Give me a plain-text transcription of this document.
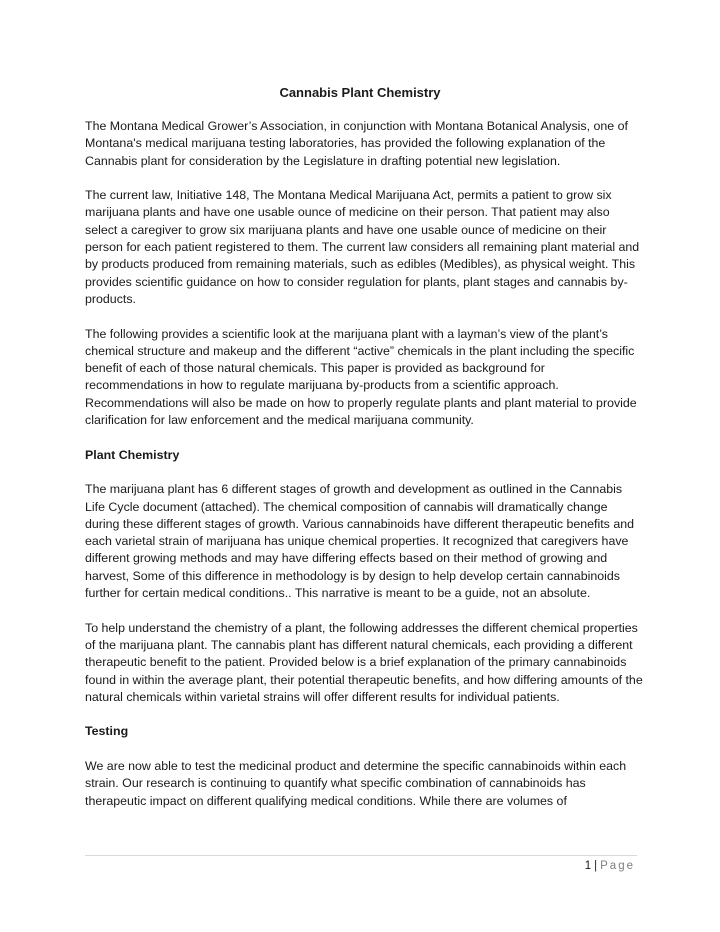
Cannabis Plant Chemistry

The Montana Medical Grower’s Association, in conjunction with Montana Botanical Analysis, one of Montana's medical marijuana testing laboratories, has provided the following explanation of the Cannabis plant for consideration by the Legislature in drafting potential new legislation.

The current law, Initiative 148, The Montana Medical Marijuana Act, permits a patient to grow six marijuana plants and have one usable ounce of medicine on their person. That patient may also select a caregiver to grow six marijuana plants and have one usable ounce of medicine on their person for each patient registered to them. The current law considers all remaining plant material and by products produced from remaining materials, such as edibles (Medibles), as physical weight. This provides scientific guidance on how to consider regulation for plants, plant stages and cannabis by-products.

The following provides a scientific look at the marijuana plant with a layman’s view of the plant’s chemical structure and makeup and the different “active” chemicals in the plant including the specific benefit of each of those natural chemicals. This paper is provided as background for recommendations in how to regulate marijuana by-products from a scientific approach. Recommendations will also be made on how to properly regulate plants and plant material to provide clarification for law enforcement and the medical marijuana community.

Plant Chemistry

The marijuana plant has 6 different stages of growth and development as outlined in the Cannabis Life Cycle document (attached). The chemical composition of cannabis will dramatically change during these different stages of growth. Various cannabinoids have different therapeutic benefits and each varietal strain of marijuana has unique chemical properties. It recognized that caregivers have different growing methods and may have differing effects based on their method of growing and harvest, Some of this difference in methodology is by design to help develop certain cannabinoids further for certain medical conditions.. This narrative is meant to be a guide, not an absolute.

To help understand the chemistry of a plant, the following addresses the different chemical properties of the marijuana plant. The cannabis plant has different natural chemicals, each providing a different therapeutic benefit to the patient. Provided below is a brief explanation of the primary cannabinoids found in within the average plant, their potential therapeutic benefits, and how differing amounts of the natural chemicals within varietal strains will offer different results for individual patients.

Testing

We are now able to test the medicinal product and determine the specific cannabinoids within each strain. Our research is continuing to quantify what specific combination of cannabinoids has therapeutic impact on different qualifying medical conditions. While there are volumes of

1 | Page
